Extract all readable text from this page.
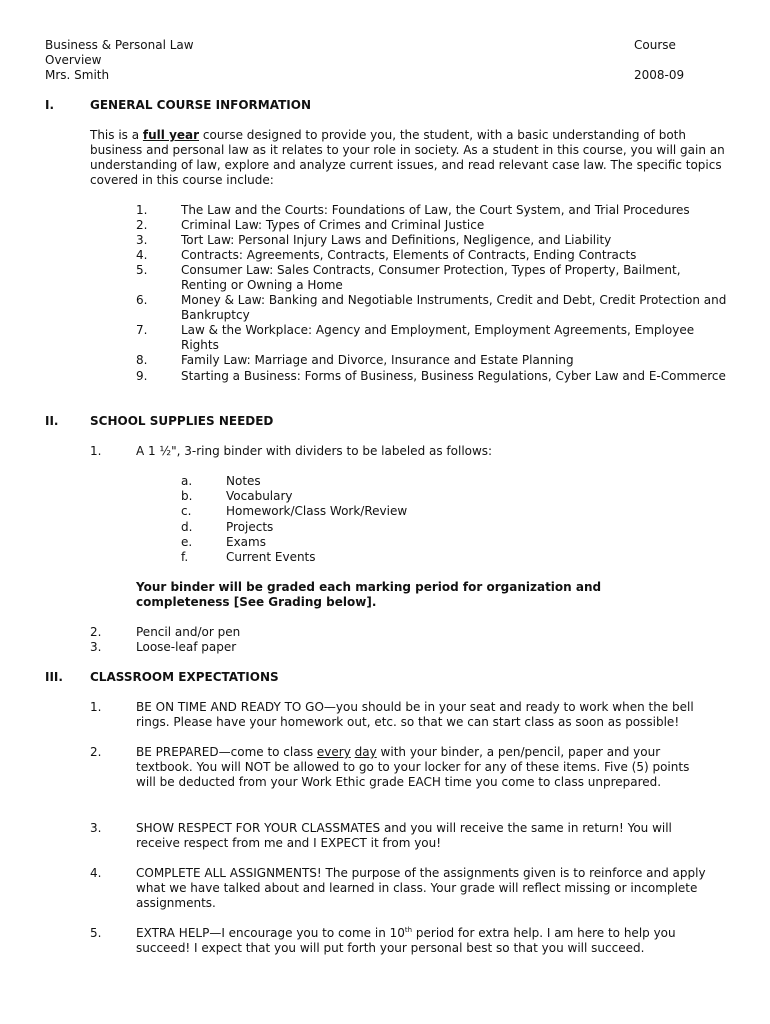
Business & Personal Law
Overview
Mrs. Smith
Course
2008-09
I.	GENERAL COURSE INFORMATION
This is a full year course designed to provide you, the student, with a basic understanding of both business and personal law as it relates to your role in society. As a student in this course, you will gain an understanding of law, explore and analyze current issues, and read relevant case law. The specific topics covered in this course include:
1.	The Law and the Courts: Foundations of Law, the Court System, and Trial Procedures
2.	Criminal Law: Types of Crimes and Criminal Justice
3.	Tort Law: Personal Injury Laws and Definitions, Negligence, and Liability
4.	Contracts: Agreements, Contracts, Elements of Contracts, Ending Contracts
5.	Consumer Law: Sales Contracts, Consumer Protection, Types of Property, Bailment, Renting or Owning a Home
6.	Money & Law: Banking and Negotiable Instruments, Credit and Debt, Credit Protection and Bankruptcy
7.	Law & the Workplace: Agency and Employment, Employment Agreements, Employee Rights
8.	Family Law: Marriage and Divorce, Insurance and Estate Planning
9.	Starting a Business: Forms of Business, Business Regulations, Cyber Law and E-Commerce
II.	SCHOOL SUPPLIES NEEDED
1.	A 1 ½", 3-ring binder with dividers to be labeled as follows:
a.	Notes
b.	Vocabulary
c.	Homework/Class Work/Review
d.	Projects
e.	Exams
f.	Current Events
Your binder will be graded each marking period for organization and completeness [See Grading below].
2.	Pencil and/or pen
3.	Loose-leaf paper
III. CLASSROOM EXPECTATIONS
1.	BE ON TIME AND READY TO GO—you should be in your seat and ready to work when the bell rings. Please have your homework out, etc. so that we can start class as soon as possible!
2.	BE PREPARED—come to class every day with your binder, a pen/pencil, paper and your textbook. You will NOT be allowed to go to your locker for any of these items. Five (5) points will be deducted from your Work Ethic grade EACH time you come to class unprepared.
3.	SHOW RESPECT FOR YOUR CLASSMATES and you will receive the same in return! You will receive respect from me and I EXPECT it from you!
4.	COMPLETE ALL ASSIGNMENTS! The purpose of the assignments given is to reinforce and apply what we have talked about and learned in class. Your grade will reflect missing or incomplete assignments.
5.	EXTRA HELP—I encourage you to come in 10th period for extra help. I am here to help you succeed! I expect that you will put forth your personal best so that you will succeed.
